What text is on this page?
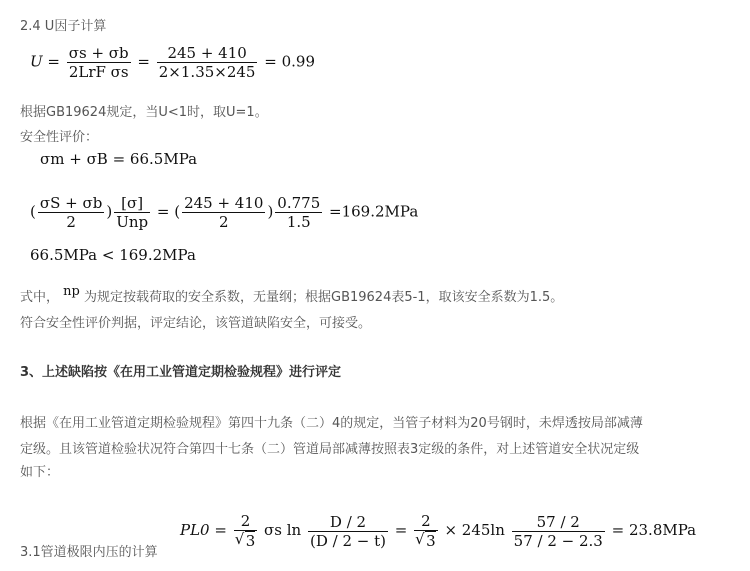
2.4 U因子计算
$U = \frac{\sigma s + \sigma b}{\text{2LrF σs}} = \frac{245 + 410}{2\times 1.35\times 245} = 0.99$
根据GB19624规定，当U<1时，取U=1。
安全性评价：
σm + σB = 66.5MPa
( $\frac{\sigma S + \sigma b}{2}$ ) $\frac{[\sigma]}{\text{Unp}}$ = ( $\frac{245 + 410}{2}$ ) $\frac{0.775}{1.5} =169.2MPa$
66.5MPa < 169.2MPa
式中， np 为规定按载荷取的安全系数，无量纲；根据GB19624表5-1，取该安全系数为1.5。
符合安全性评价判据，评定结论，该管道缺陷安全，可接受。
3、上述缺陷按《在用工业管道定期检验规程》进行评定
根据《在用工业管道定期检验规程》第四十九条（二）4的规定，当管子材料为20号钢时，未焊透按局部减薄
定级。且该管道检验状况符合第四十七条（二）管道局部减薄按照表3定级的条件，对上述管道安全状况定级
如下：
PL0 = 2
√ 3 σs $\ln \frac{D / 2}{(D / 2 - t)} = 2$
√ $3 \times 245\ln \frac{57 / 2}{57 / 2 - 2.3} = 23.8MPa$
3.1管道极限内压的计算
